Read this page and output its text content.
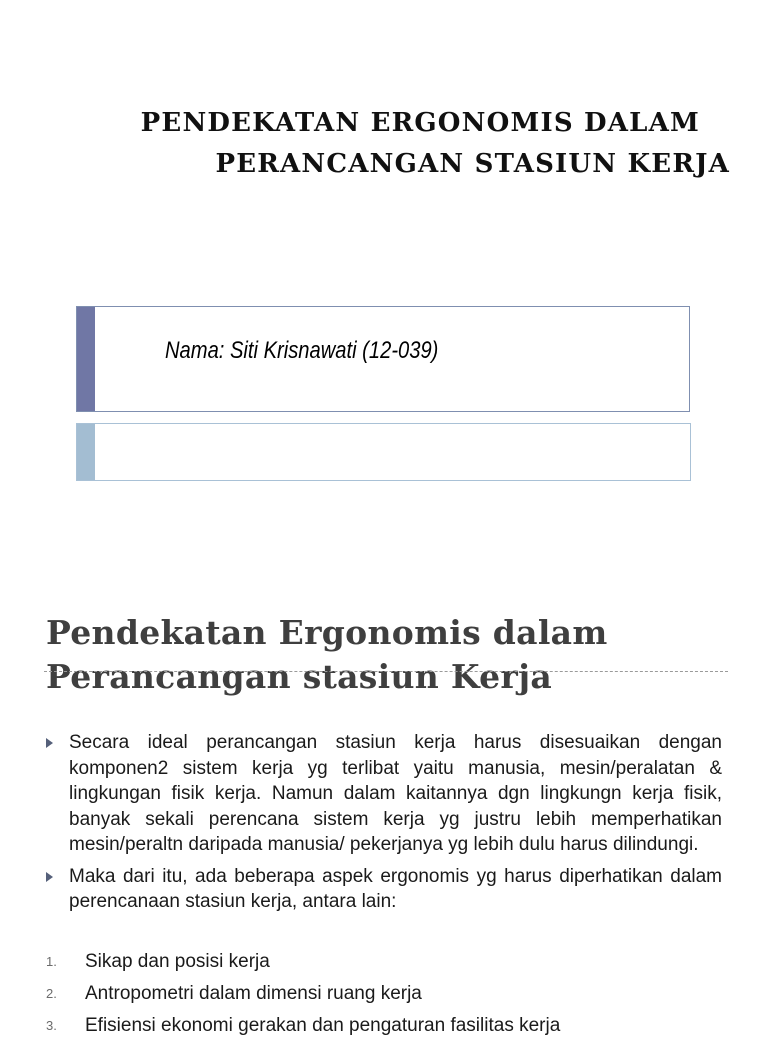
PENDEKATAN ERGONOMIS DALAM
PERANCANGAN STASIUN KERJA
Nama: Siti Krisnawati (12-039)
Pendekatan Ergonomis dalam
Perancangan stasiun Kerja
Secara ideal perancangan stasiun kerja harus disesuaikan dengan komponen2 sistem kerja yg terlibat yaitu manusia, mesin/peralatan & lingkungan fisik kerja. Namun dalam kaitannya dgn lingkungn kerja fisik, banyak sekali perencana sistem kerja yg justru lebih memperhatikan mesin/peraltn daripada manusia/ pekerjanya yg lebih dulu harus dilindungi.
Maka dari itu, ada beberapa aspek ergonomis yg harus diperhatikan dalam perencanaan stasiun kerja, antara lain:
1. Sikap dan posisi kerja
2. Antropometri dalam dimensi ruang kerja
3. Efisiensi ekonomi gerakan dan pengaturan fasilitas kerja
